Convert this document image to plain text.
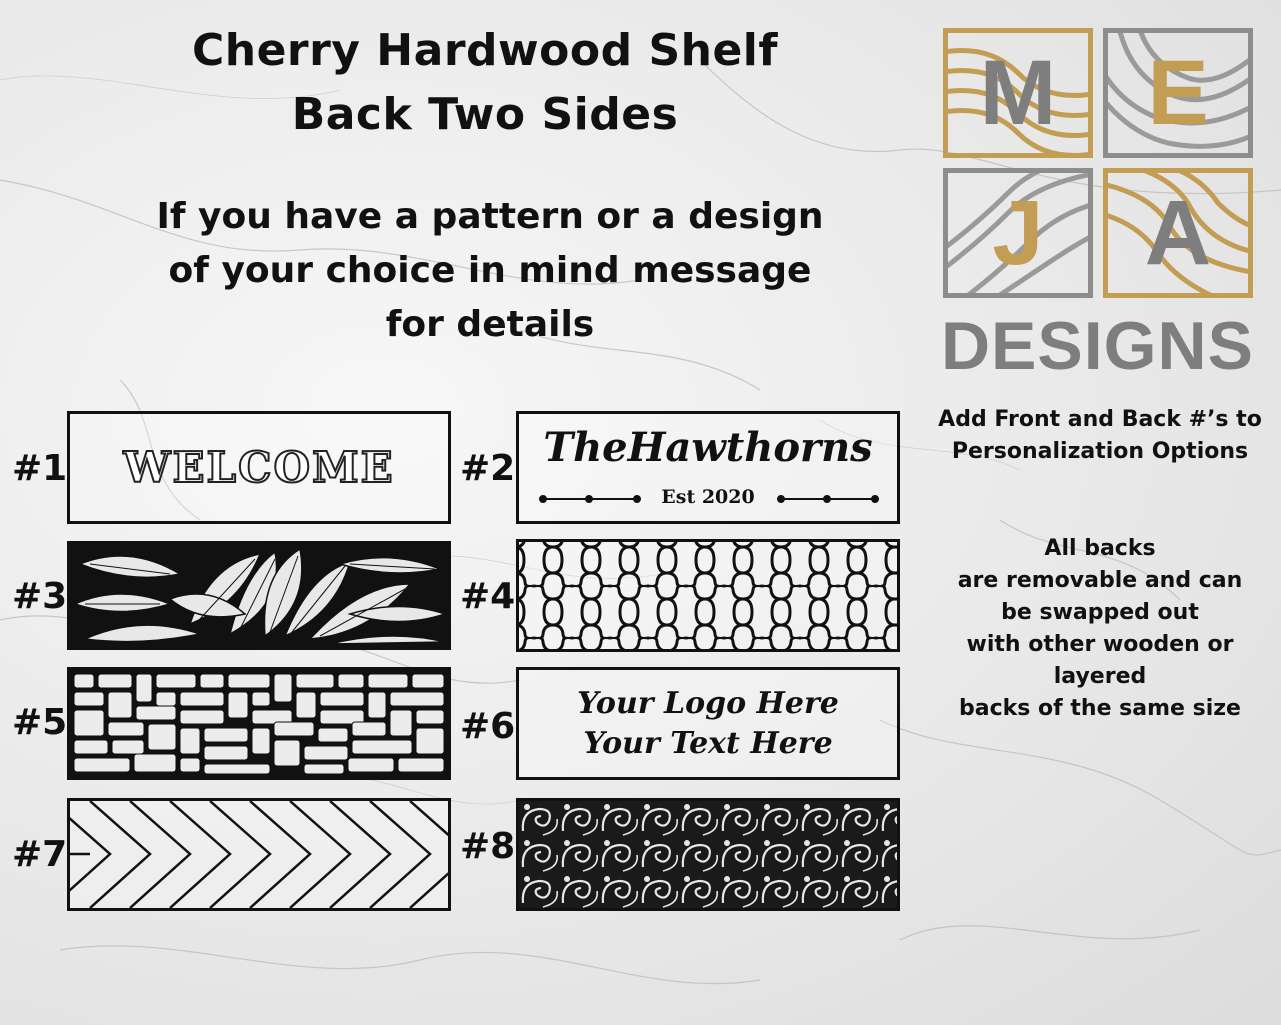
Cherry Hardwood Shelf
Back Two Sides
If you have a pattern or a design
of your choice in mind message
for details
#1	#2
#3	#4
#5	#6
#7	#8
WELCOME	TheHawthorns
Est 2020
Your Logo Here
Your Text Here
M E
J	A
DESIGNS
Add Front and Back #’s to
Personalization Options
All backs
are removable and can
be swapped out
with other wooden or layered
backs of the same size
